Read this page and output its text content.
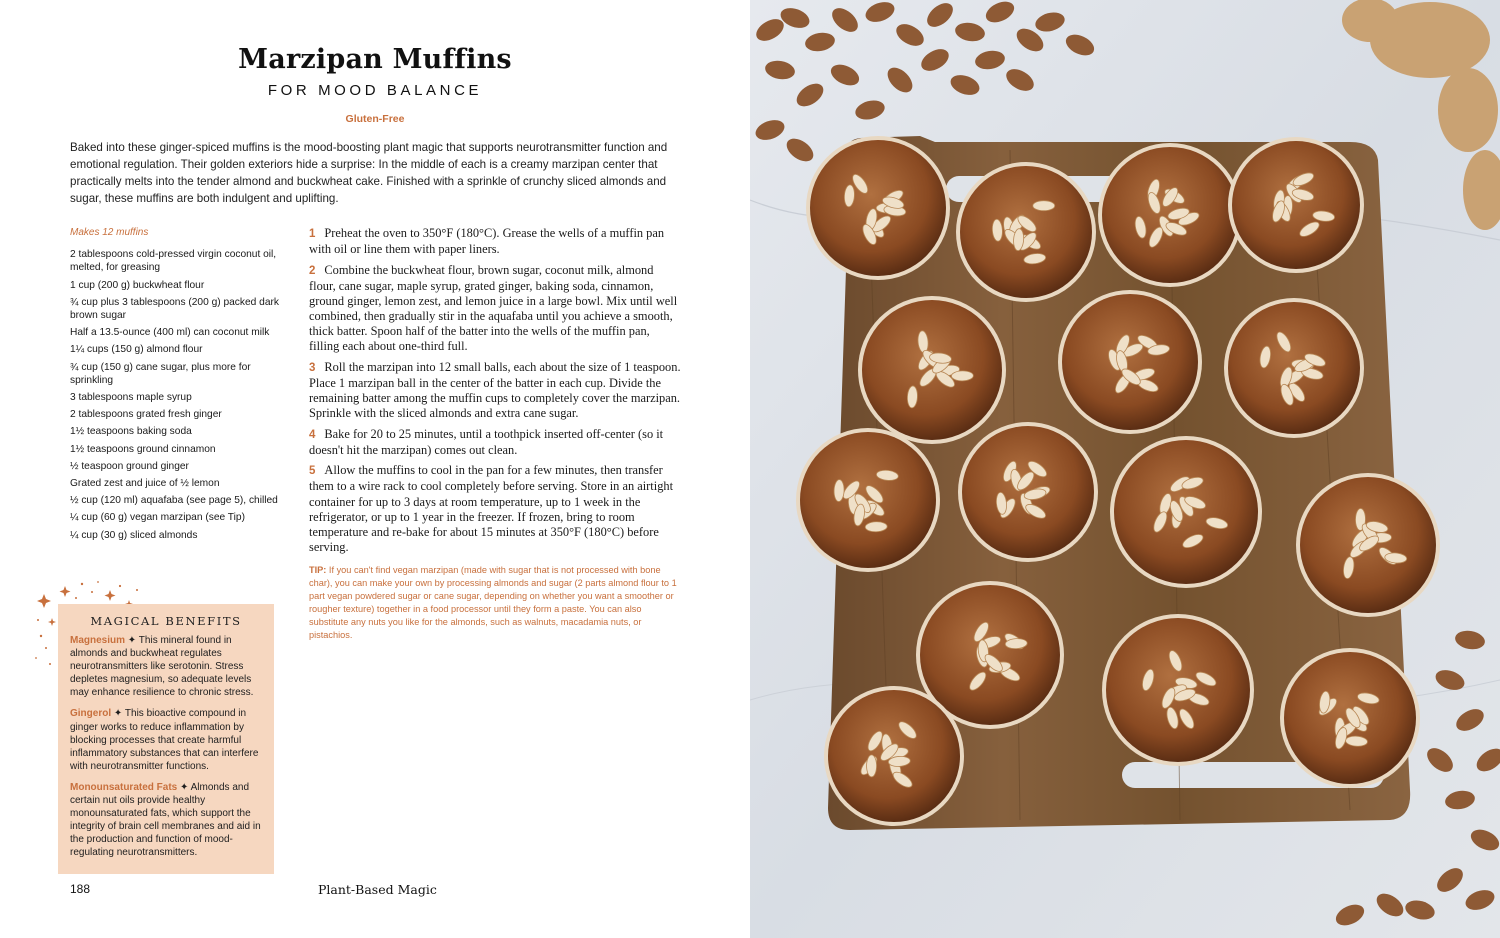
Marzipan Muffins
FOR MOOD BALANCE
Gluten-Free

Baked into these ginger-spiced muffins is the mood-boosting plant magic that supports neurotransmitter function and emotional regulation. Their golden exteriors hide a surprise: In the middle of each is a creamy marzipan center that practically melts into the tender almond and buckwheat cake. Finished with a sprinkle of crunchy sliced almonds and sugar, these muffins are both indulgent and uplifting.

Makes 12 muffins
2 tablespoons cold-pressed virgin coconut oil, melted, for greasing
1 cup (200 g) buckwheat flour
¾ cup plus 3 tablespoons (200 g) packed dark brown sugar
Half a 13.5-ounce (400 ml) can coconut milk
1¼ cups (150 g) almond flour
¾ cup (150 g) cane sugar, plus more for sprinkling
3 tablespoons maple syrup
2 tablespoons grated fresh ginger
1½ teaspoons baking soda
1½ teaspoons ground cinnamon
½ teaspoon ground ginger
Grated zest and juice of ½ lemon
½ cup (120 ml) aquafaba (see page 5), chilled
¼ cup (60 g) vegan marzipan (see Tip)
¼ cup (30 g) sliced almonds

1 Preheat the oven to 350°F (180°C). Grease the wells of a muffin pan with oil or line them with paper liners.

2 Combine the buckwheat flour, brown sugar, coconut milk, almond flour, cane sugar, maple syrup, grated ginger, baking soda, cinnamon, ground ginger, lemon zest, and lemon juice in a large bowl. Mix until well combined, then gradually stir in the aquafaba until you achieve a smooth, thick batter. Spoon half of the batter into the wells of the muffin pan, filling each about one-third full.

3 Roll the marzipan into 12 small balls, each about the size of 1 teaspoon. Place 1 marzipan ball in the center of the batter in each cup. Divide the remaining batter among the muffin cups to completely cover the marzipan. Sprinkle with the sliced almonds and extra cane sugar.

4 Bake for 20 to 25 minutes, until a toothpick inserted off-center (so it doesn't hit the marzipan) comes out clean.

5 Allow the muffins to cool in the pan for a few minutes, then transfer them to a wire rack to cool completely before serving. Store in an airtight container for up to 3 days at room temperature, up to 1 week in the refrigerator, or up to 1 year in the freezer. If frozen, bring to room temperature and re-bake for about 15 minutes at 350°F (180°C) before serving.

TIP: If you can't find vegan marzipan (made with sugar that is not processed with bone char), you can make your own by processing almonds and sugar (2 parts almond flour to 1 part vegan powdered sugar or cane sugar, depending on whether you want a smoother or rougher texture) together in a food processor until they form a paste. You can also substitute any nuts you like for the almonds, such as walnuts, macadamia nuts, or pistachios.

MAGICAL BENEFITS

Magnesium ✦ This mineral found in almonds and buckwheat regulates neurotransmitters like serotonin. Stress depletes magnesium, so adequate levels may enhance resilience to chronic stress.

Gingerol ✦ This bioactive compound in ginger works to reduce inflammation by blocking processes that create harmful inflammatory substances that can interfere with neurotransmitter functions.

Monounsaturated Fats ✦ Almonds and certain nut oils provide healthy monounsaturated fats, which support the integrity of brain cell membranes and aid in the production and function of mood-regulating neurotransmitters.

188	Plant-Based Magic
